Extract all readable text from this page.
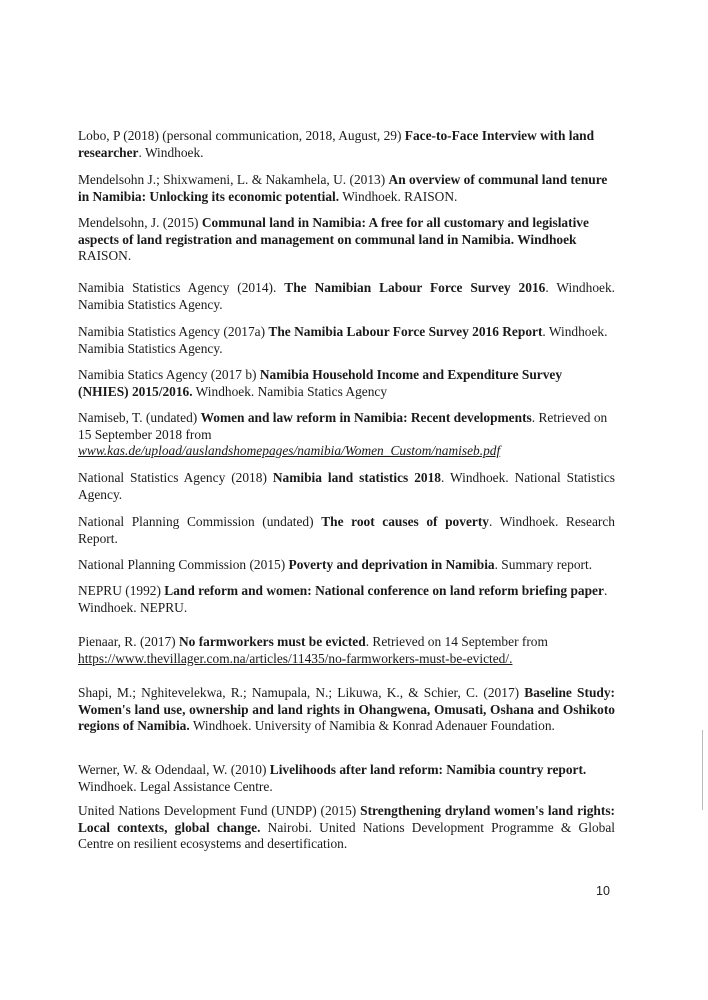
Lobo, P (2018) (personal communication, 2018, August, 29) Face-to-Face Interview with land researcher. Windhoek.

Mendelsohn J.; Shixwameni, L. & Nakamhela, U. (2013) An overview of communal land tenure in Namibia: Unlocking its economic potential. Windhoek. RAISON.

Mendelsohn, J. (2015) Communal land in Namibia: A free for all customary and legislative aspects of land registration and management on communal land in Namibia. Windhoek RAISON.

Namibia Statistics Agency (2014). The Namibian Labour Force Survey 2016. Windhoek. Namibia Statistics Agency.

Namibia Statistics Agency (2017a) The Namibia Labour Force Survey 2016 Report. Windhoek. Namibia Statistics Agency.

Namibia Statics Agency (2017 b) Namibia Household Income and Expenditure Survey (NHIES) 2015/2016. Windhoek. Namibia Statics Agency

Namiseb, T. (undated) Women and law reform in Namibia: Recent developments. Retrieved on 15 September 2018 from
www.kas.de/upload/auslandshomepages/namibia/Women_Custom/namiseb.pdf

National Statistics Agency (2018) Namibia land statistics 2018. Windhoek. National Statistics Agency.

National Planning Commission (undated) The root causes of poverty. Windhoek. Research Report.

National Planning Commission (2015) Poverty and deprivation in Namibia. Summary report.

NEPRU (1992) Land reform and women: National conference on land reform briefing paper. Windhoek. NEPRU.

Pienaar, R. (2017) No farmworkers must be evicted. Retrieved on 14 September from
https://www.thevillager.com.na/articles/11435/no-farmworkers-must-be-evicted/.

Shapi, M.; Nghitevelekwa, R.; Namupala, N.; Likuwa, K., & Schier, C. (2017) Baseline Study: Women's land use, ownership and land rights in Ohangwena, Omusati, Oshana and Oshikoto regions of Namibia. Windhoek. University of Namibia & Konrad Adenauer Foundation.

Werner, W. & Odendaal, W. (2010) Livelihoods after land reform: Namibia country report. Windhoek. Legal Assistance Centre.

United Nations Development Fund (UNDP) (2015) Strengthening dryland women's land rights: Local contexts, global change. Nairobi. United Nations Development Programme & Global Centre on resilient ecosystems and desertification.

10
